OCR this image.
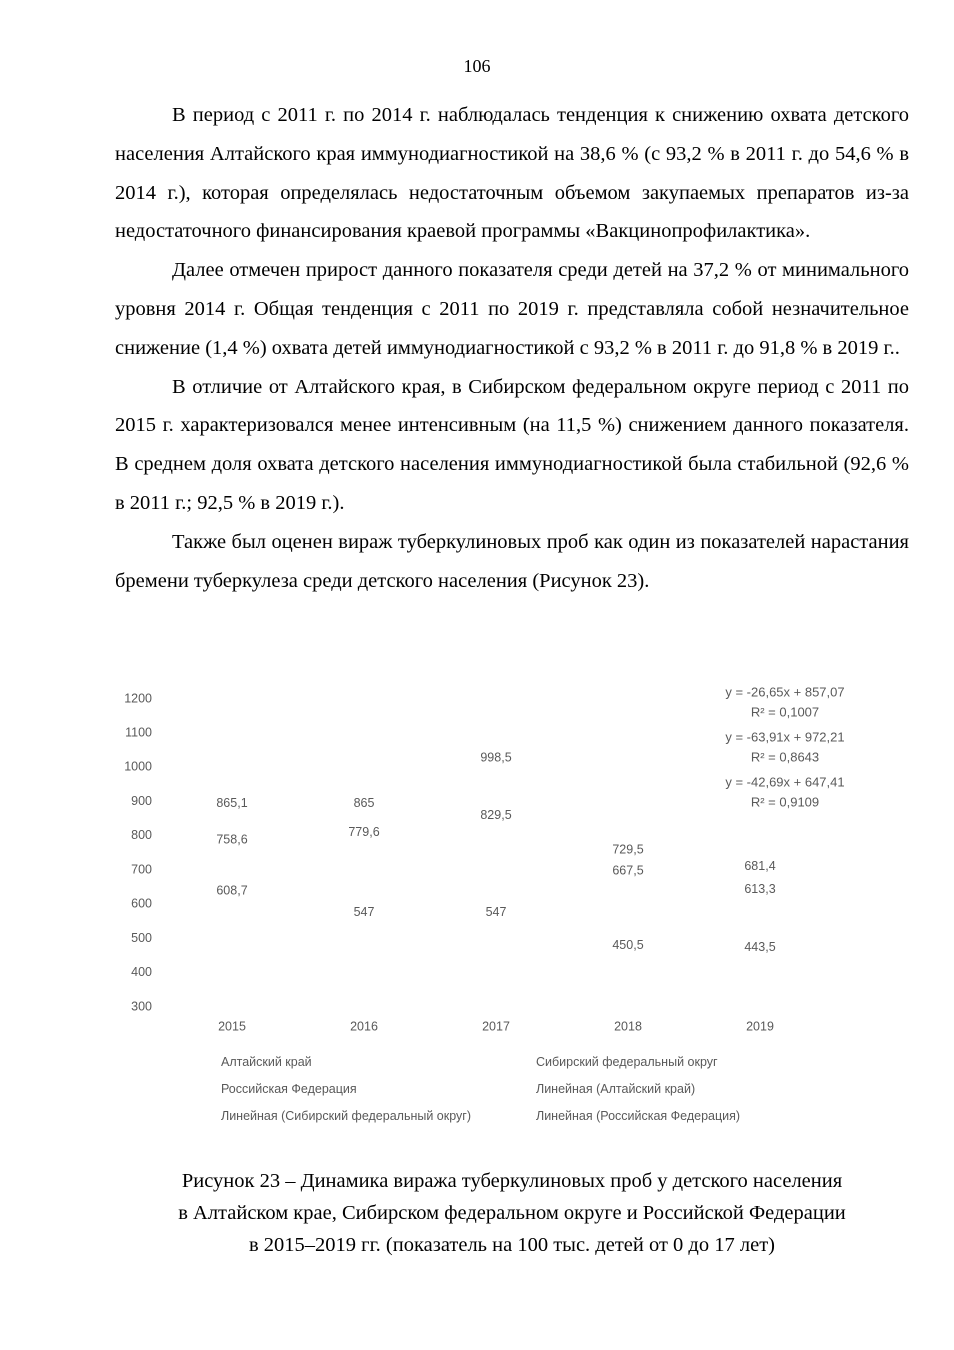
106

В период с 2011 г. по 2014 г. наблюдалась тенденция к снижению охвата детского населения Алтайского края иммунодиагностикой на 38,6 % (с 93,2 % в 2011 г. до 54,6 % в 2014 г.), которая определялась недостаточным объемом закупаемых препаратов из-за недостаточного финансирования краевой программы «Вакцинопрофилактика».

Далее отмечен прирост данного показателя среди детей на 37,2 % от минимального уровня 2014 г. Общая тенденция с 2011 по 2019 г. представляла собой незначительное снижение (1,4 %) охвата детей иммунодиагностикой с 93,2 % в 2011 г. до 91,8 % в 2019 г..

В отличие от Алтайского края, в Сибирском федеральном округе период с 2011 по 2015 г. характеризовался менее интенсивным (на 11,5 %) снижением данного показателя. В среднем доля охвата детского населения иммунодиагностикой была стабильной (92,6 % в 2011 г.; 92,5 % в 2019 г.).

Также был оценен вираж туберкулиновых проб как один из показателей нарастания бремени туберкулеза среди детского населения (Рисунок 23).

300
400
500
600
700
800
900
1000
1100
1200
2015	2016	2017	2018	2019
865,1	865
998,5
729,5
681,4
758,6
779,6
829,5
667,5
613,3
608,7
547	547
450,5	443,5
y = -26,65x + 857,07
R² = 0,1007
y = -63,91x + 972,21
R² = 0,8643
y = -42,69x + 647,41
R² = 0,9109
Алтайский край	Сибирский федеральный округ
Российская Федерация	Линейная (Алтайский край)
Линейная (Сибирский федеральный округ)	Линейная (Российская Федерация)
Рисунок 23 – Динамика виража туберкулиновых проб у детского населения
в Алтайском крае, Сибирском федеральном округе и Российской Федерации
в 2015–2019 гг. (показатель на 100 тыс. детей от 0 до 17 лет)
